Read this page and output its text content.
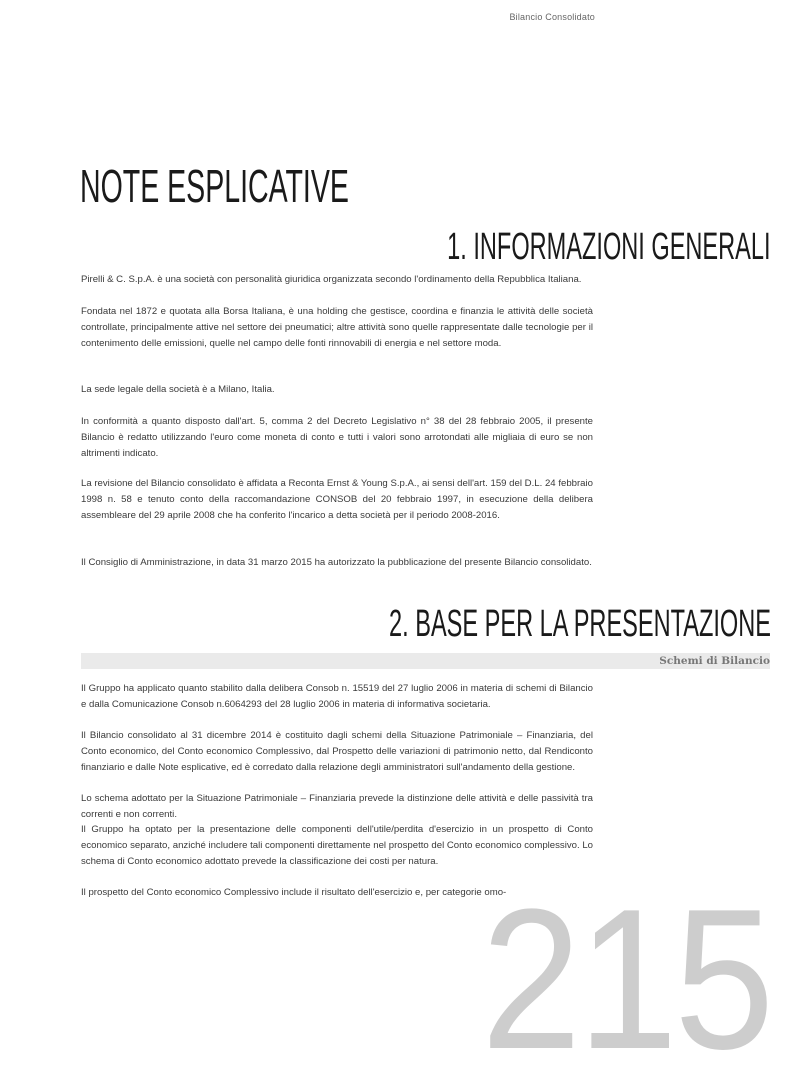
Bilancio Consolidato
NOTE ESPLICATIVE
1. INFORMAZIONI GENERALI

Pirelli & C. S.p.A. è una società con personalità giuridica organizzata secondo l'ordinamento della Repubblica Italiana.

Fondata nel 1872 e quotata alla Borsa Italiana, è una holding che gestisce, coordina e finanzia le attività delle società controllate, principalmente attive nel settore dei pneumatici; altre attività sono quelle rappresentate dalle tecnologie per il contenimento delle emissioni, quelle nel campo delle fonti rinnovabili di energia e nel settore moda.

La sede legale della società è a Milano, Italia.

In conformità a quanto disposto dall'art. 5, comma 2 del Decreto Legislativo n° 38 del 28 febbraio 2005, il presente Bilancio è redatto utilizzando l'euro come moneta di conto e tutti i valori sono arrotondati alle migliaia di euro se non altrimenti indicato.

La revisione del Bilancio consolidato è affidata a Reconta Ernst & Young S.p.A., ai sensi dell'art. 159 del D.L. 24 febbraio 1998 n. 58 e tenuto conto della raccomandazione CONSOB del 20 febbraio 1997, in esecuzione della delibera assembleare del 29 aprile 2008 che ha conferito l'incarico a detta società per il periodo 2008-2016.

Il Consiglio di Amministrazione, in data 31 marzo 2015 ha autorizzato la pubblicazione del presente Bilancio consolidato.

2. BASE PER LA PRESENTAZIONE
Schemi di Bilancio

Il Gruppo ha applicato quanto stabilito dalla delibera Consob n. 15519 del 27 luglio 2006 in materia di schemi di Bilancio e dalla Comunicazione Consob n.6064293 del 28 luglio 2006 in materia di informativa societaria.

Il Bilancio consolidato al 31 dicembre 2014 è costituito dagli schemi della Situazione Patrimoniale – Finanziaria, del Conto economico, del Conto economico Complessivo, dal Prospetto delle variazioni di patrimonio netto, dal Rendiconto finanziario e dalle Note esplicative, ed è corredato dalla relazione degli amministratori sull'andamento della gestione.

Lo schema adottato per la Situazione Patrimoniale – Finanziaria prevede la distinzione delle attività e delle passività tra correnti e non correnti.

Il Gruppo ha optato per la presentazione delle componenti dell'utile/perdita d'esercizio in un prospetto di Conto economico separato, anziché includere tali componenti direttamente nel prospetto del Conto economico complessivo. Lo schema di Conto economico adottato prevede la classificazione dei costi per natura.

Il prospetto del Conto economico Complessivo include il risultato dell'esercizio e, per categorie omo-

215
